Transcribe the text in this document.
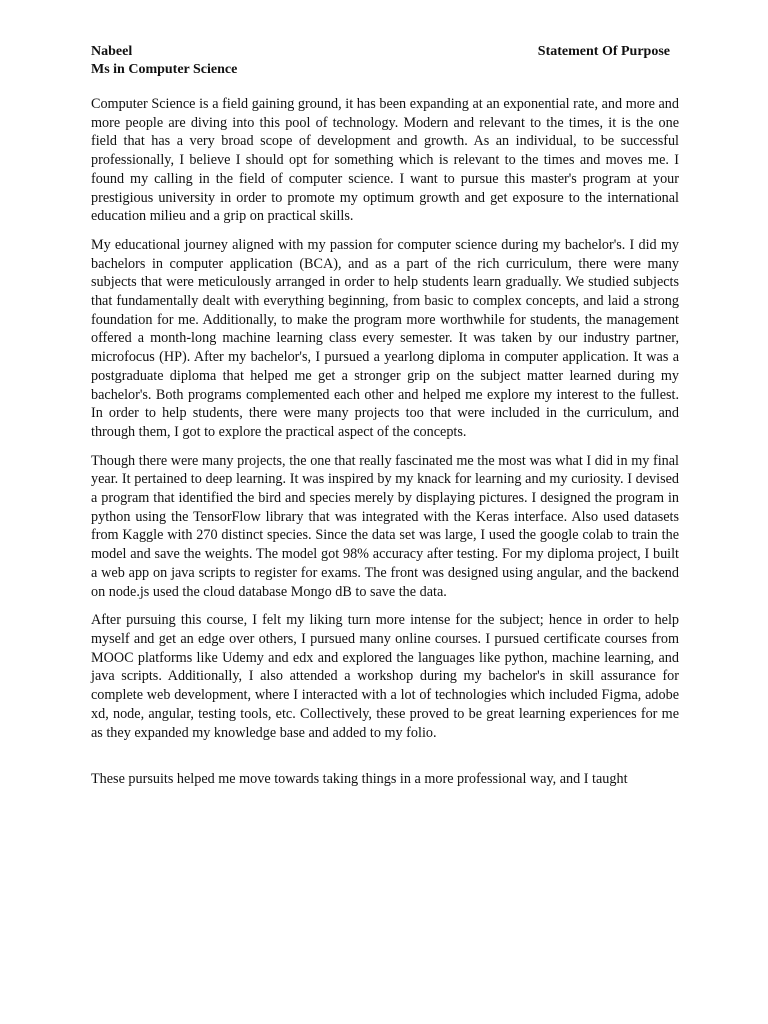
Nabeel	Statement Of Purpose
Ms in Computer Science

Computer Science is a field gaining ground, it has been expanding at an exponential rate, and more and more people are diving into this pool of technology. Modern and relevant to the times, it is the one field that has a very broad scope of development and growth. As an individual, to be successful professionally, I believe I should opt for something which is relevant to the times and moves me. I found my calling in the field of computer science. I want to pursue this master's program at your prestigious university in order to promote my optimum growth and get exposure to the international education milieu and a grip on practical skills.

My educational journey aligned with my passion for computer science during my bachelor's. I did my bachelors in computer application (BCA), and as a part of the rich curriculum, there were many subjects that were meticulously arranged in order to help students learn gradually. We studied subjects that fundamentally dealt with everything beginning, from basic to complex concepts, and laid a strong foundation for me. Additionally, to make the program more worthwhile for students, the management offered a month-long machine learning class every semester. It was taken by our industry partner, microfocus (HP). After my bachelor's, I pursued a yearlong diploma in computer application. It was a postgraduate diploma that helped me get a stronger grip on the subject matter learned during my bachelor's. Both programs complemented each other and helped me explore my interest to the fullest. In order to help students, there were many projects too that were included in the curriculum, and through them, I got to explore the practical aspect of the concepts.

Though there were many projects, the one that really fascinated me the most was what I did in my final year. It pertained to deep learning. It was inspired by my knack for learning and my curiosity. I devised a program that identified the bird and species merely by displaying pictures. I designed the program in python using the TensorFlow library that was integrated with the Keras interface. Also used datasets from Kaggle with 270 distinct species. Since the data set was large, I used the google colab to train the model and save the weights. The model got 98% accuracy after testing. For my diploma project, I built a web app on java scripts to register for exams. The front was designed using angular, and the backend on node.js used the cloud database Mongo dB to save the data.

After pursuing this course, I felt my liking turn more intense for the subject; hence in order to help myself and get an edge over others, I pursued many online courses. I pursued certificate courses from MOOC platforms like Udemy and edx and explored the languages like python, machine learning, and java scripts. Additionally, I also attended a workshop during my bachelor's in skill assurance for complete web development, where I interacted with a lot of technologies which included Figma, adobe xd, node, angular, testing tools, etc. Collectively, these proved to be great learning experiences for me as they expanded my knowledge base and added to my folio.

These pursuits helped me move towards taking things in a more professional way, and I taught
